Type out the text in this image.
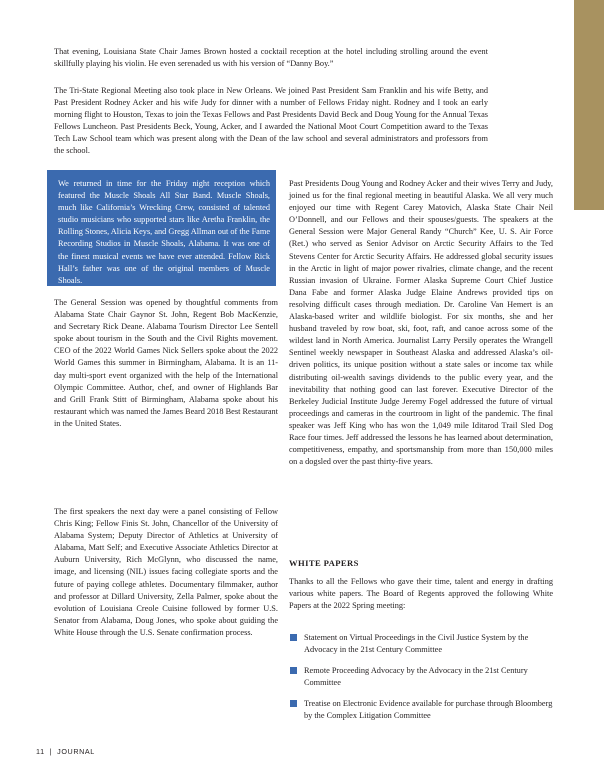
That evening, Louisiana State Chair James Brown hosted a cocktail reception at the hotel including strolling around the event skillfully playing his violin. He even serenaded us with his version of “Danny Boy.”

The Tri-State Regional Meeting also took place in New Orleans. We joined Past President Sam Franklin and his wife Betty, and Past President Rodney Acker and his wife Judy for dinner with a number of Fellows Friday night. Rodney and I took an early morning flight to Houston, Texas to join the Texas Fellows and Past Presidents David Beck and Doug Young for the Annual Texas Fellows Luncheon. Past Presidents Beck, Young, Acker, and I awarded the National Moot Court Competition award to the Texas Tech Law School team which was present along with the Dean of the law school and several administrators and professors from the school.

We returned in time for the Friday night reception which featured the Muscle Shoals All Star Band. Muscle Shoals, much like California’s Wrecking Crew, consisted of talented studio musicians who supported stars like Aretha Franklin, the Rolling Stones, Alicia Keys, and Gregg Allman out of the Fame Recording Studios in Muscle Shoals, Alabama. It was one of the finest musical events we have ever attended. Fellow Rick Hall’s father was one of the original members of Muscle Shoals.

The General Session was opened by thoughtful comments from Alabama State Chair Gaynor St. John, Regent Bob MacKenzie, and Secretary Rick Deane. Alabama Tourism Director Lee Sentell spoke about tourism in the South and the Civil Rights movement. CEO of the 2022 World Games Nick Sellers spoke about the 2022 World Games this summer in Birmingham, Alabama. It is an 11-day multi-sport event organized with the help of the International Olympic Committee. Author, chef, and owner of Highlands Bar and Grill Frank Stitt of Birmingham, Alabama spoke about his restaurant which was named the James Beard 2018 Best Restaurant in the United States.

The first speakers the next day were a panel consisting of Fellow Chris King; Fellow Finis St. John, Chancellor of the University of Alabama System; Deputy Director of Athletics at University of Alabama, Matt Self; and Executive Associate Athletics Director at Auburn University, Rich McGlynn, who discussed the name, image, and licensing (NIL) issues facing collegiate sports and the future of paying college athletes. Documentary filmmaker, author and professor at Dillard University, Zella Palmer, spoke about the evolution of Louisiana Creole Cuisine followed by former U.S. Senator from Alabama, Doug Jones, who spoke about guiding the White House through the U.S. Senate confirmation process.

Past Presidents Doug Young and Rodney Acker and their wives Terry and Judy, joined us for the final regional meeting in beautiful Alaska. We all very much enjoyed our time with Regent Carey Matovich, Alaska State Chair Neil O’Donnell, and our Fellows and their spouses/guests. The speakers at the General Session were Major General Randy “Church” Kee, U. S. Air Force (Ret.) who served as Senior Advisor on Arctic Security Affairs to the Ted Stevens Center for Arctic Security Affairs. He addressed global security issues in the Arctic in light of major power rivalries, climate change, and the recent Russian invasion of Ukraine. Former Alaska Supreme Court Chief Justice Dana Fabe and former Alaska Judge Elaine Andrews provided tips on resolving difficult cases through mediation. Dr. Caroline Van Hemert is an Alaska-based writer and wildlife biologist. For six months, she and her husband traveled by row boat, ski, foot, raft, and canoe across some of the wildest land in North America. Journalist Larry Persily operates the Wrangell Sentinel weekly newspaper in Southeast Alaska and addressed Alaska’s oil-driven politics, its unique position without a state sales or income tax while distributing oil-wealth savings dividends to the public every year, and the inevitability that nothing good can last forever. Executive Director of the Berkeley Judicial Institute Judge Jeremy Fogel addressed the future of virtual proceedings and cameras in the courtroom in light of the pandemic. The final speaker was Jeff King who has won the 1,049 mile Iditarod Trail Sled Dog Race four times. Jeff addressed the lessons he has learned about determination, competitiveness, empathy, and sportsmanship from more than 150,000 miles on a dogsled over the past thirty-five years.

WHITE PAPERS

Thanks to all the Fellows who gave their time, talent and energy in drafting various white papers. The Board of Regents approved the following White Papers at the 2022 Spring meeting:

Statement on Virtual Proceedings in the Civil Justice System by the Advocacy in the 21st Century Committee
Remote Proceeding Advocacy by the Advocacy in the 21st Century Committee
Treatise on Electronic Evidence available for purchase through Bloomberg by the Complex Litigation Committee
11 | JOURNAL
